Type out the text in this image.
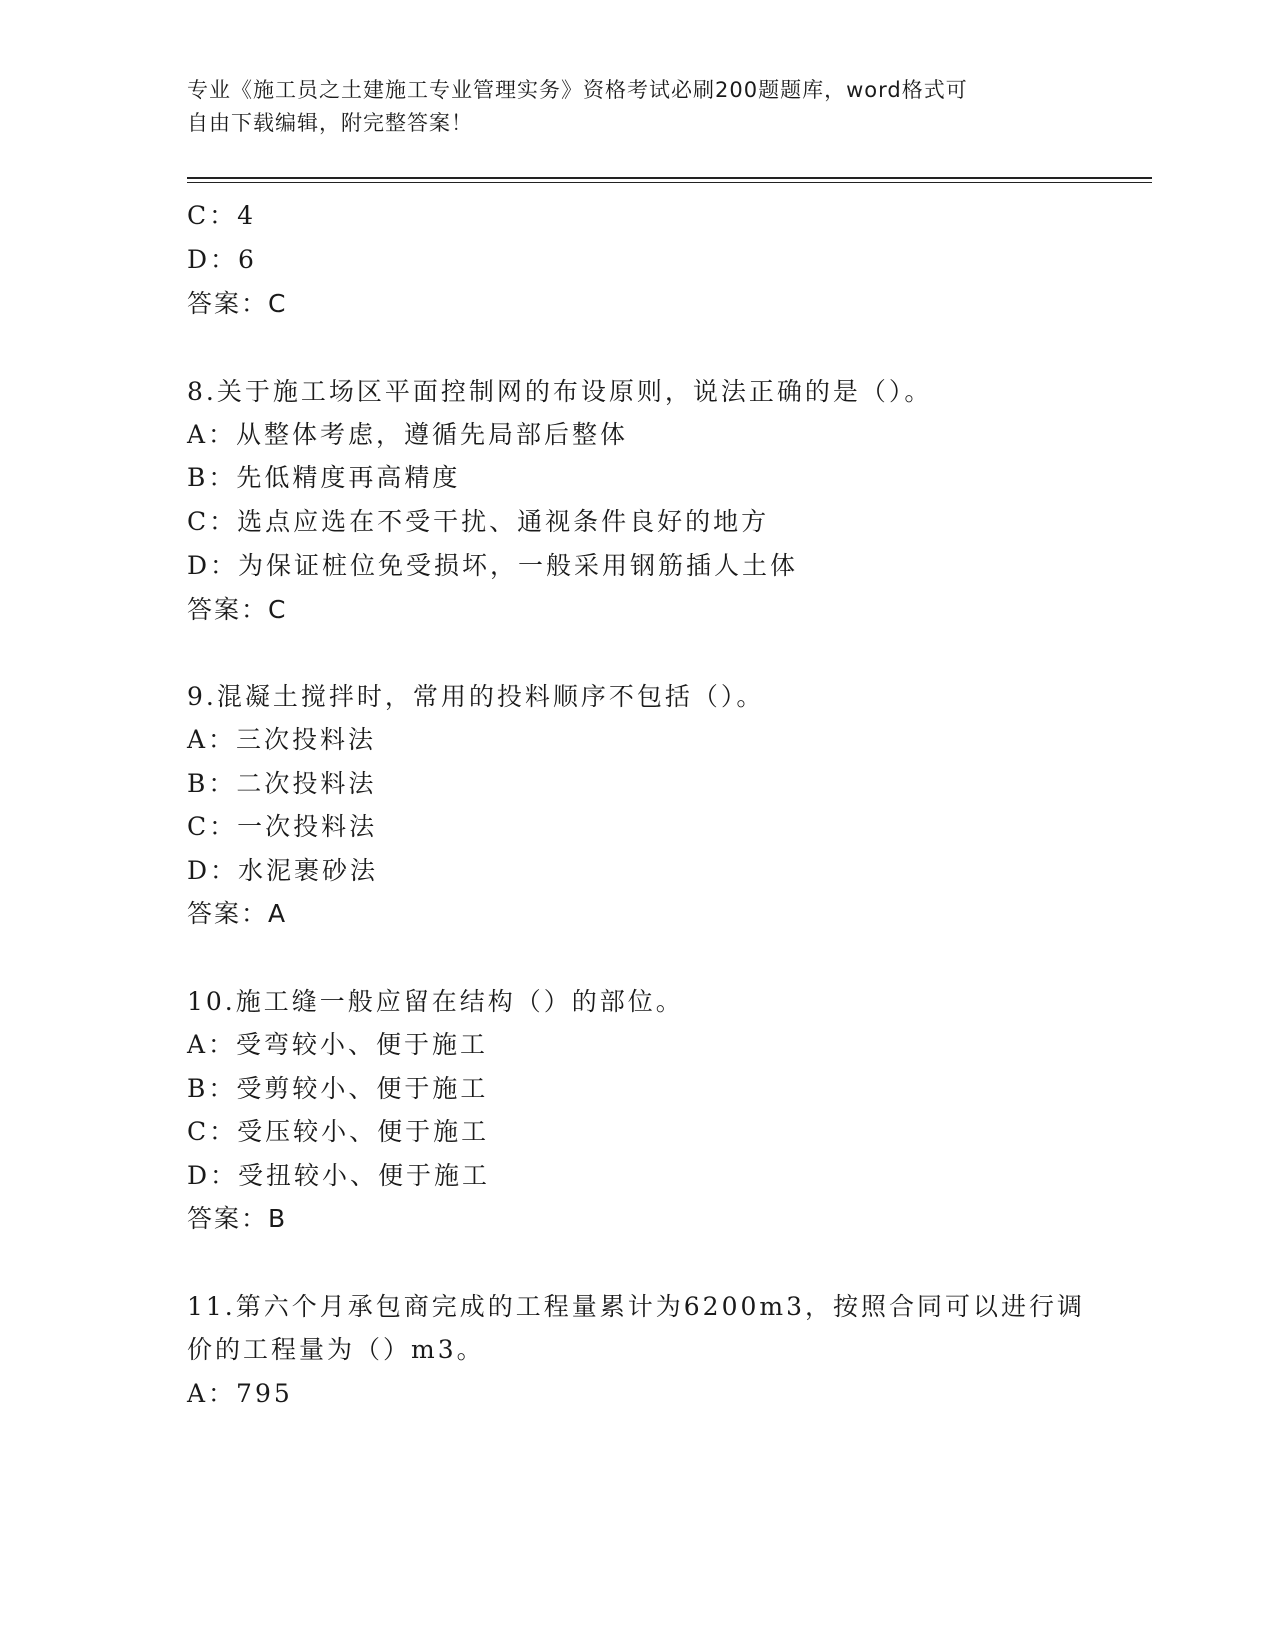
专业《施工员之土建施工专业管理实务》资格考试必刷200题题库，word格式可
自由下载编辑，附完整答案！
C：4
D：6
答案：C
8.关于施工场区平面控制网的布设原则，说法正确的是（）。
A：从整体考虑，遵循先局部后整体
B：先低精度再高精度
C：选点应选在不受干扰、通视条件良好的地方
D：为保证桩位免受损坏，一般采用钢筋插人土体
答案：C
9.混凝土搅拌时，常用的投料顺序不包括（）。
A：三次投料法
B：二次投料法
C：一次投料法
D：水泥裹砂法
答案：A
10.施工缝一般应留在结构（）的部位。
A：受弯较小、便于施工
B：受剪较小、便于施工
C：受压较小、便于施工
D：受扭较小、便于施工
答案：B
11.第六个月承包商完成的工程量累计为6200m3，按照合同可以进行调
价的工程量为（）m3。
A：795
